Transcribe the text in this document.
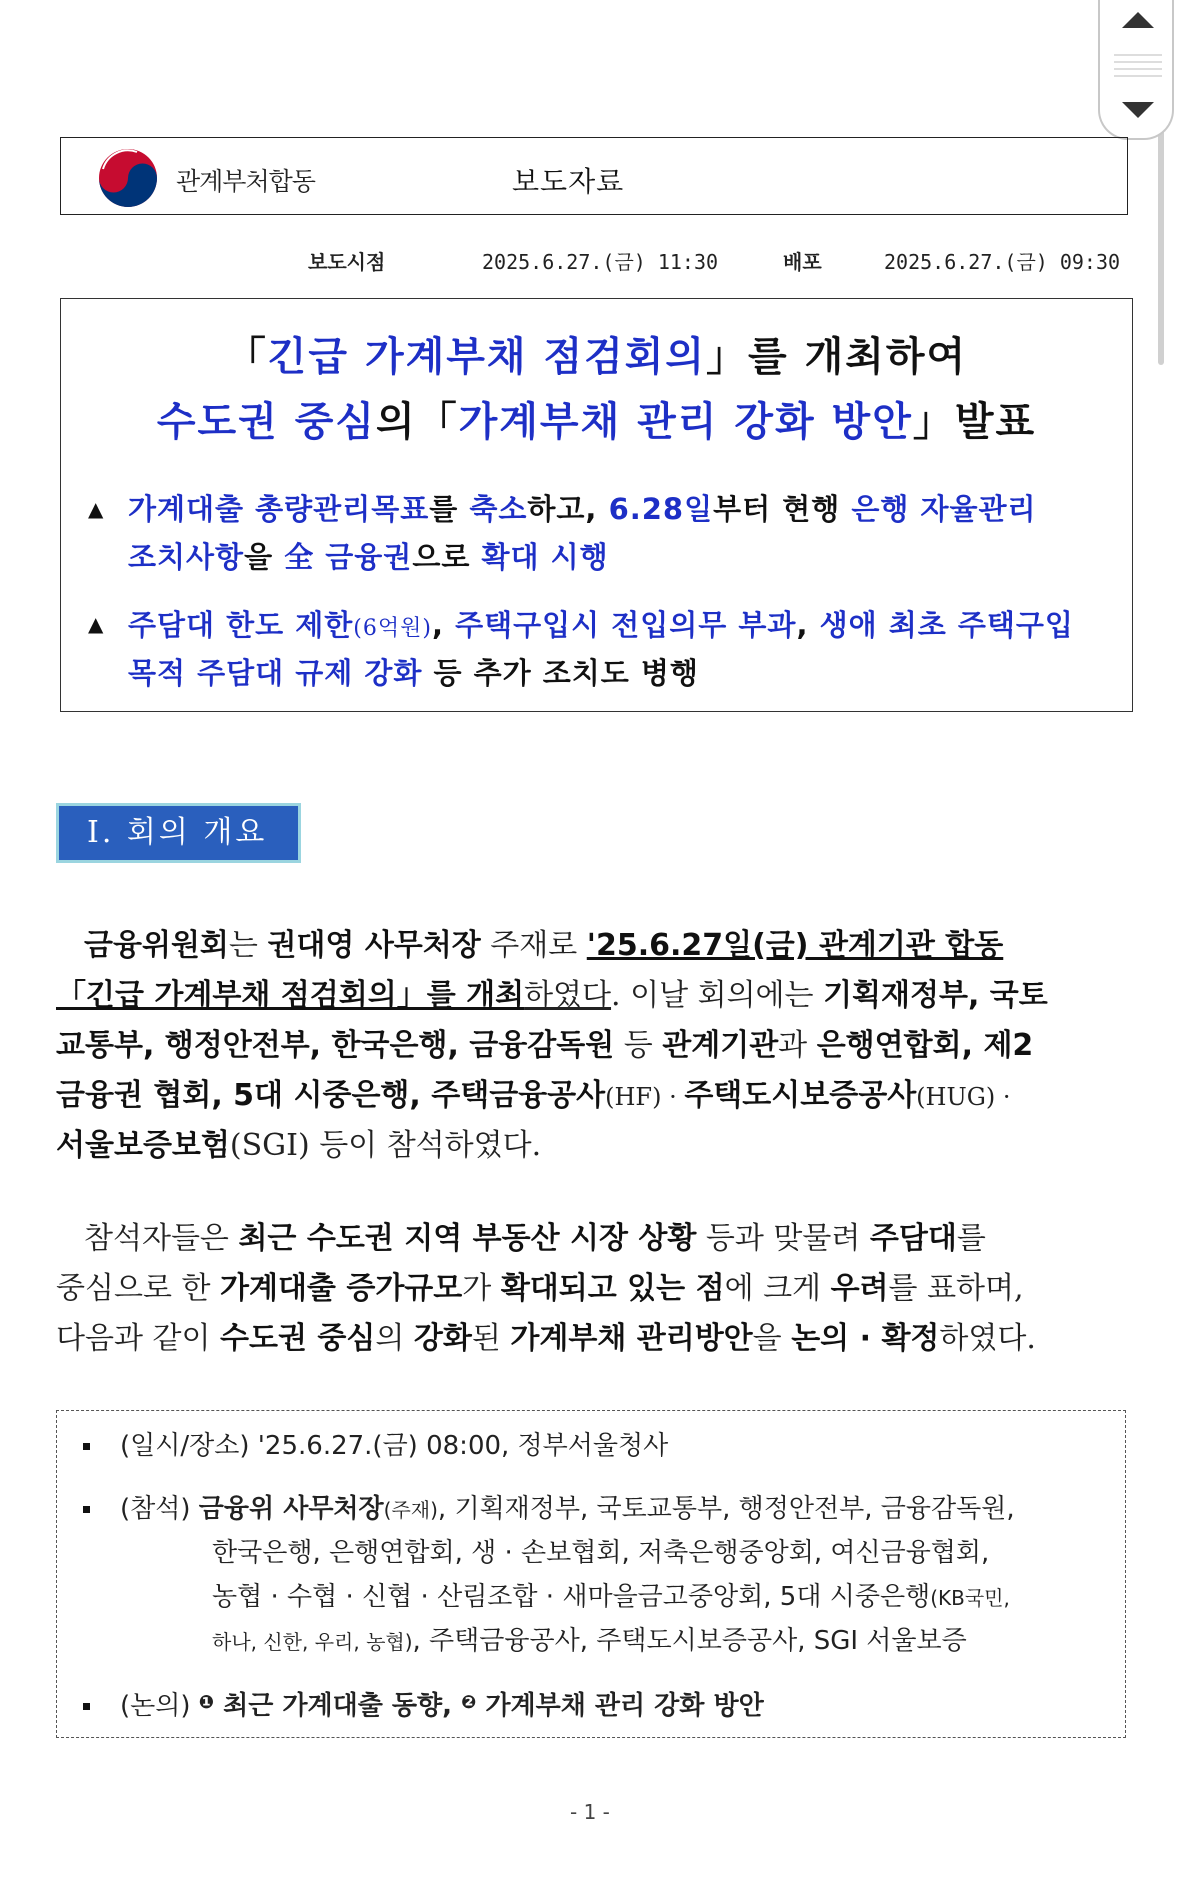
관계부처합동	보도자료
보도시점	2025.6.27.(금) 11:30	배포	2025.6.27.(금) 09:30
「긴급 가계부채 점검회의」를 개최하여
수도권 중심의「가계부채 관리 강화 방안」발표
▲ 가계대출 총량관리목표를 축소하고, 6.28일부터 현행 은행 자율관리
조치사항을 全 금융권으로 확대 시행
▲ 주담대 한도 제한(6억원), 주택구입시 전입의무 부과, 생애 최초 주택구입
목적 주담대 규제 강화 등 추가 조치도 병행
Ⅰ. 회의 개요
금융위원회는 권대영 사무처장 주재로 '25.6.27일(금) 관계기관 합동
「긴급 가계부채 점검회의」를 개최하였다. 이날 회의에는 기획재정부, 국토
교통부, 행정안전부, 한국은행, 금융감독원 등 관계기관과 은행연합회, 제2
금융권 협회, 5대 시중은행, 주택금융공사(HF) · 주택도시보증공사(HUG) ·
서울보증보험(SGI) 등이 참석하였다.
참석자들은 최근 수도권 지역 부동산 시장 상황 등과 맞물려 주담대를
중심으로 한 가계대출 증가규모가 확대되고 있는 점에 크게 우려를 표하며,
다음과 같이 수도권 중심의 강화된 가계부채 관리방안을 논의 · 확정하였다.
(일시/장소) '25.6.27.(금) 08:00, 정부서울청사
(참석) 금융위 사무처장(주재), 기획재정부, 국토교통부, 행정안전부, 금융감독원,
한국은행, 은행연합회, 생 · 손보협회, 저축은행중앙회, 여신금융협회,
농협 · 수협 · 신협 · 산림조합 · 새마을금고중앙회, 5대 시중은행(KB국민,
하나, 신한, 우리, 농협), 주택금융공사, 주택도시보증공사, SGI 서울보증
(논의) $^❶$ 최근 가계대출 동향, $^❷$ 가계부채 관리 강화 방안
- 1 -
